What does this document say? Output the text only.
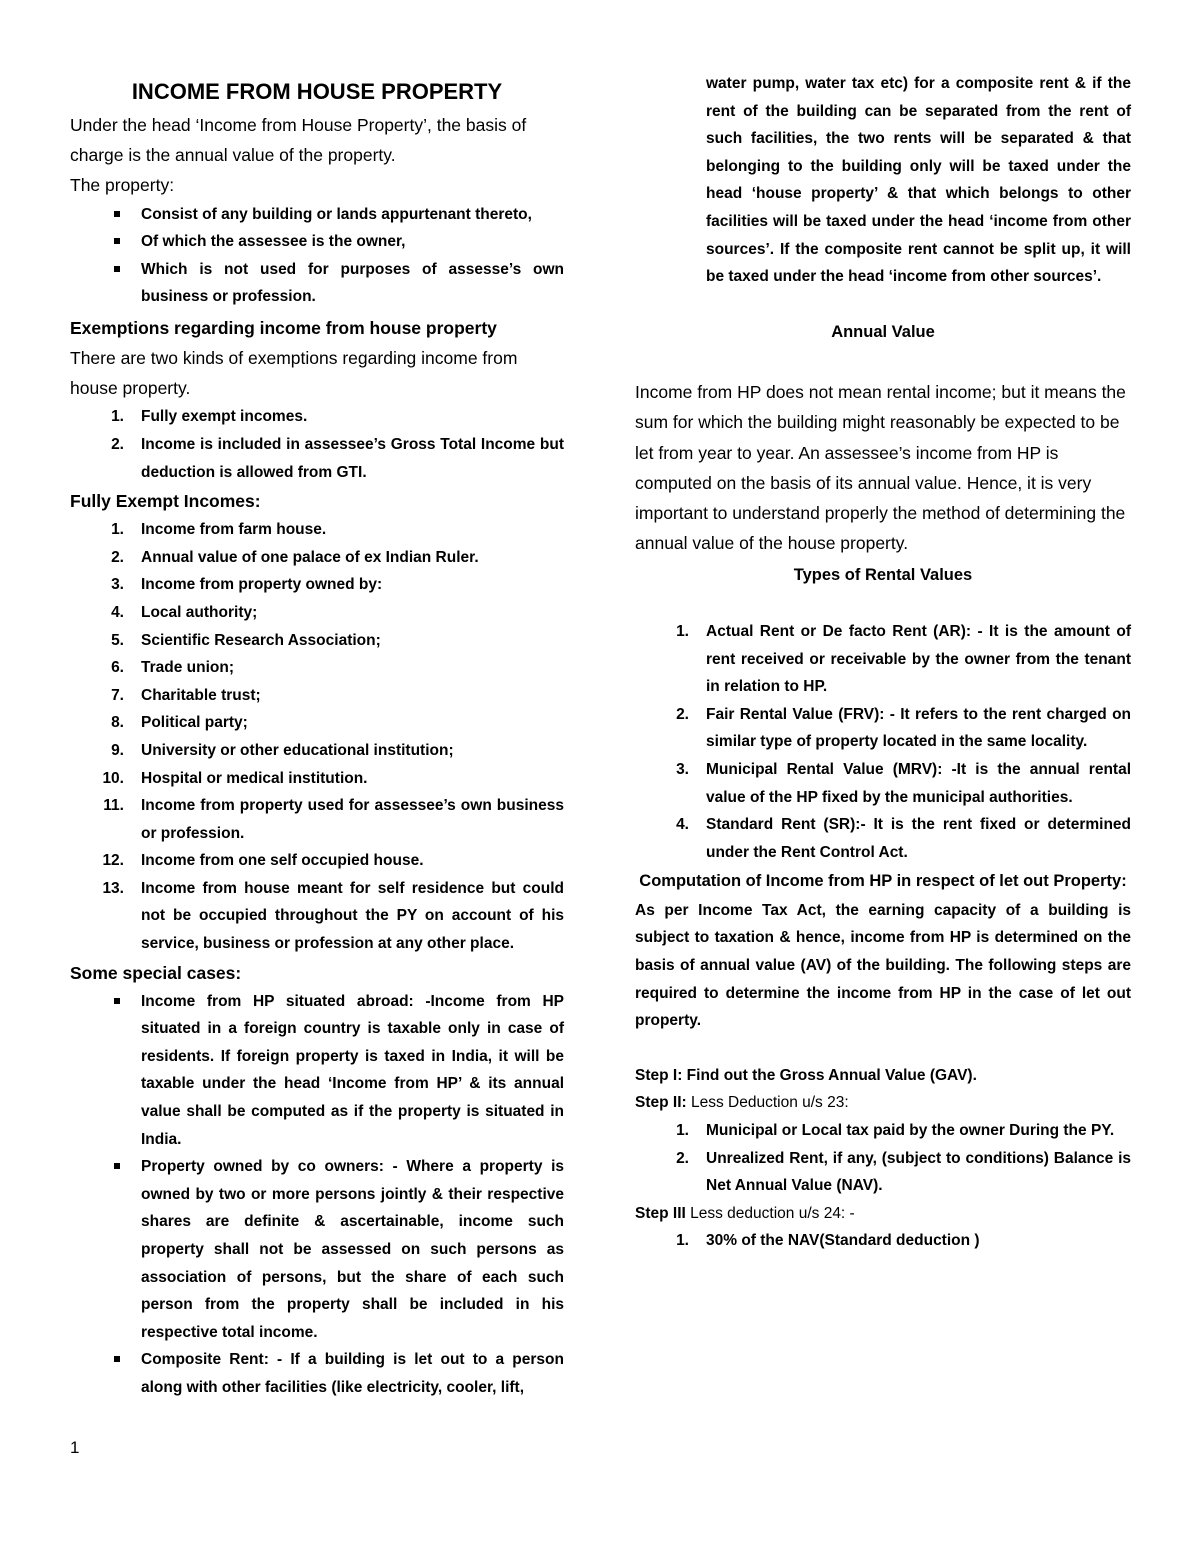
INCOME FROM HOUSE PROPERTY

Under the head ‘Income from House Property’, the basis of charge is the annual value of the property.

The property:

Consist of any building or lands appurtenant thereto,
Of which the assessee is the owner,
Which is not used for purposes of assesse’s own business or profession.

Exemptions regarding income from house property

There are two kinds of exemptions regarding income from house property.

1. Fully exempt incomes.
2. Income is included in assessee’s Gross Total Income but deduction is allowed from GTI.

Fully Exempt Incomes:

1. Income from farm house.
2. Annual value of one palace of ex Indian Ruler.
3. Income from property owned by:
4. Local authority;
5. Scientific Research Association;
6. Trade union;
7. Charitable trust;
8. Political party;
9. University or other educational institution;
10. Hospital or medical institution.
11. Income from property used for assessee’s own business or profession.
12. Income from one self occupied house.
13. Income from house meant for self residence but could not be occupied throughout the PY on account of his service, business or profession at any other place.

Some special cases:

Income from HP situated abroad: -Income from HP situated in a foreign country is taxable only in case of residents. If foreign property is taxed in India, it will be taxable under the head ‘Income from HP’ & its annual value shall be computed as if the property is situated in India.
Property owned by co owners: - Where a property is owned by two or more persons jointly & their respective shares are definite & ascertainable, income such property shall not be assessed on such persons as association of persons, but the share of each such person from the property shall be included in his respective total income.
Composite Rent: - If a building is let out to a person along with other facilities (like electricity, cooler, lift,
1

water pump, water tax etc) for a composite rent & if the rent of the building can be separated from the rent of such facilities, the two rents will be separated & that belonging to the building only will be taxed under the head ‘house property’ & that which belongs to other facilities will be taxed under the head ‘income from other sources’. If the composite rent cannot be split up, it will be taxed under the head ‘income from other sources’.

Annual Value

Income from HP does not mean rental income; but it means the sum for which the building might reasonably be expected to be let from year to year. An assessee’s income from HP is computed on the basis of its annual value. Hence, it is very important to understand properly the method of determining the annual value of the house property.

Types of Rental Values

1. Actual Rent or De facto Rent (AR): - It is the amount of rent received or receivable by the owner from the tenant in relation to HP.
2. Fair Rental Value (FRV): - It refers to the rent charged on similar type of property located in the same locality.
3. Municipal Rental Value (MRV): -It is the annual rental value of the HP fixed by the municipal authorities.
4. Standard Rent (SR):- It is the rent fixed or determined under the Rent Control Act.

Computation of Income from HP in respect of let out Property:

As per Income Tax Act, the earning capacity of a building is subject to taxation & hence, income from HP is determined on the basis of annual value (AV) of the building. The following steps are required to determine the income from HP in the case of let out property.

Step I: Find out the Gross Annual Value (GAV).

Step II: Less Deduction u/s 23:

1. Municipal or Local tax paid by the owner During the PY.
2. Unrealized Rent, if any, (subject to conditions) Balance is Net Annual Value (NAV).

Step III Less deduction u/s 24: -

1. 30% of the NAV(Standard deduction )
